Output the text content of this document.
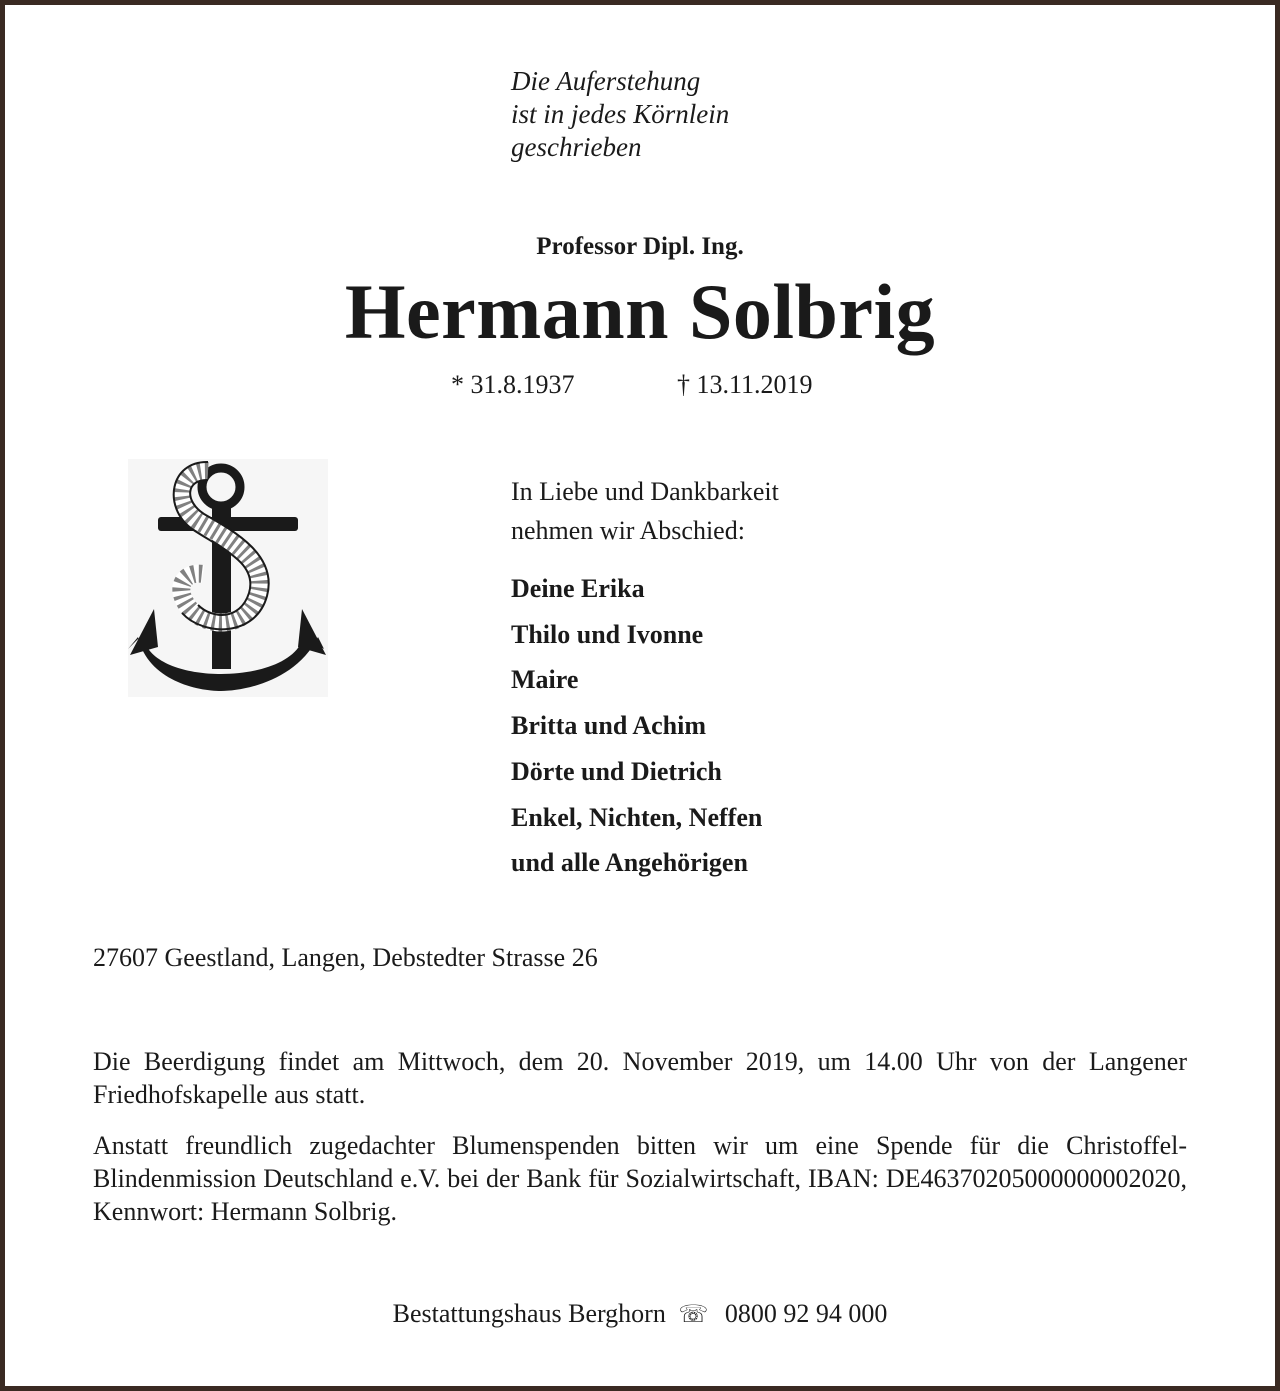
Die Auferstehung
ist in jedes Körnlein
geschrieben
Professor Dipl. Ing.
Hermann Solbrig
* 31.8.1937	† 13.11.2019
In Liebe und Dankbarkeit
nehmen wir Abschied:
Deine Erika
Thilo und Ivonne
Maire
Britta und Achim
Dörte und Dietrich
Enkel, Nichten, Neffen
und alle Angehörigen
27607 Geestland, Langen, Debstedter Strasse 26
Die Beerdigung findet am Mittwoch, dem 20. November 2019, um 14.00 Uhr von der Langener Friedhofskapelle aus statt.
Anstatt freundlich zugedachter Blumenspenden bitten wir um eine Spende für die Christoffel-Blindenmission Deutschland e.V. bei der Bank für Sozialwirtschaft, IBAN: DE46370205000000002020, Kennwort: Hermann Solbrig.
Bestattungshaus Berghorn ☏ 0800 92 94 000
